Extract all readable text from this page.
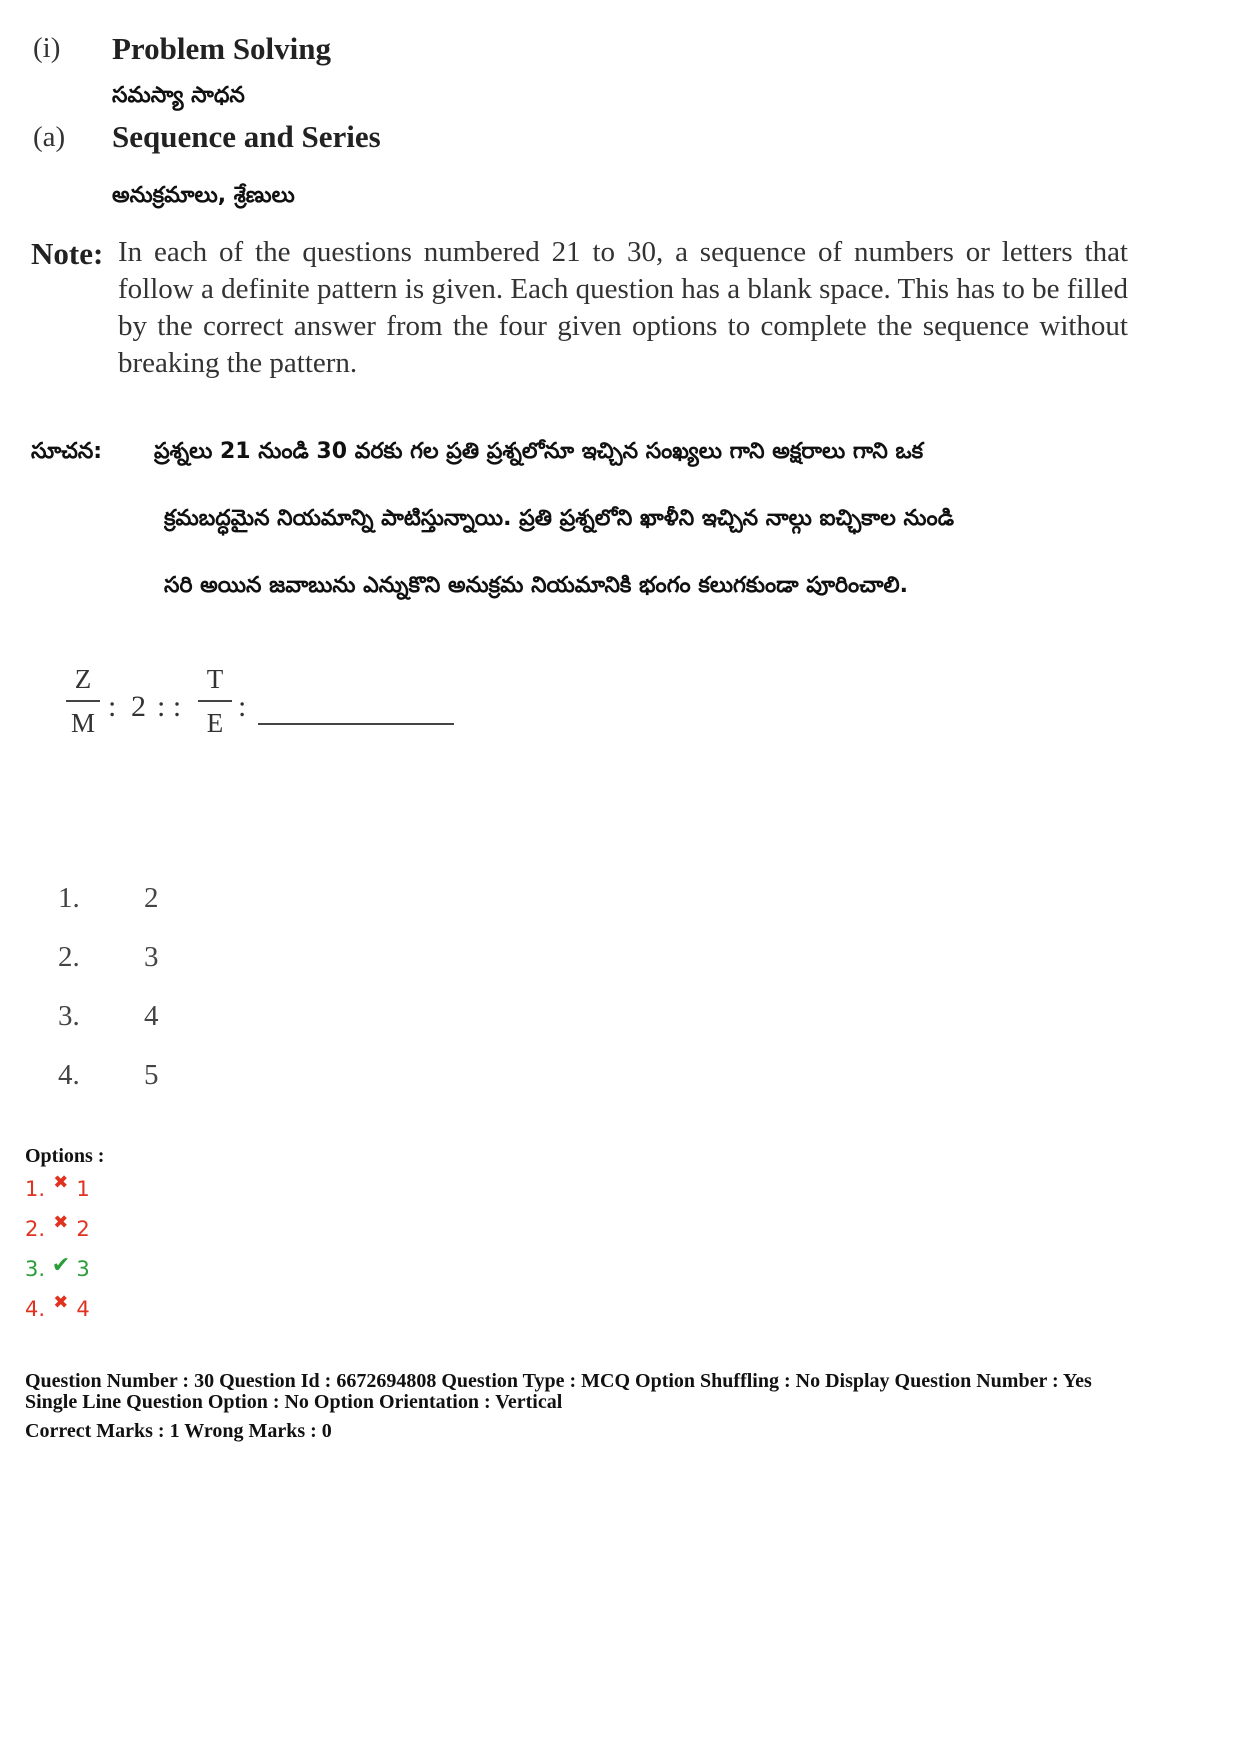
(i) Problem Solving
సమస్యా సాధన
(a) Sequence and Series
అనుక్రమాలు, శ్రేణులు
Note: In each of the questions numbered 21 to 30, a sequence of numbers or letters that follow a definite pattern is given. Each question has a blank space. This has to be filled by the correct answer from the four given options to complete the sequence without breaking the pattern.
సూచన: ప్రశ్నలు 21 నుండి 30 వరకు గల ప్రతి ప్రశ్నలోనూ ఇచ్చిన సంఖ్యలు గాని అక్షరాలు గాని ఒక
క్రమబద్ధమైన నియమాన్ని పాటిస్తున్నాయి. ప్రతి ప్రశ్నలోని ఖాళీని ఇచ్చిన నాల్గు ఐచ్ఛికాల నుండి
సరి అయిన జవాబును ఎన్నుకొని అనుక్రమ నియమానికి భంగం కలుగకుండా పూరించాలి.
Z
M : 2 : :
T
E :
1. 2
2. 3
3. 4
4. 5
Options :
1. ✖ 1
2. ✖ 2
3. ✔ 3
4. ✖ 4
Question Number : 30 Question Id : 6672694808 Question Type : MCQ Option Shuffling : No Display Question Number : Yes
Single Line Question Option : No Option Orientation : Vertical
Correct Marks : 1 Wrong Marks : 0
